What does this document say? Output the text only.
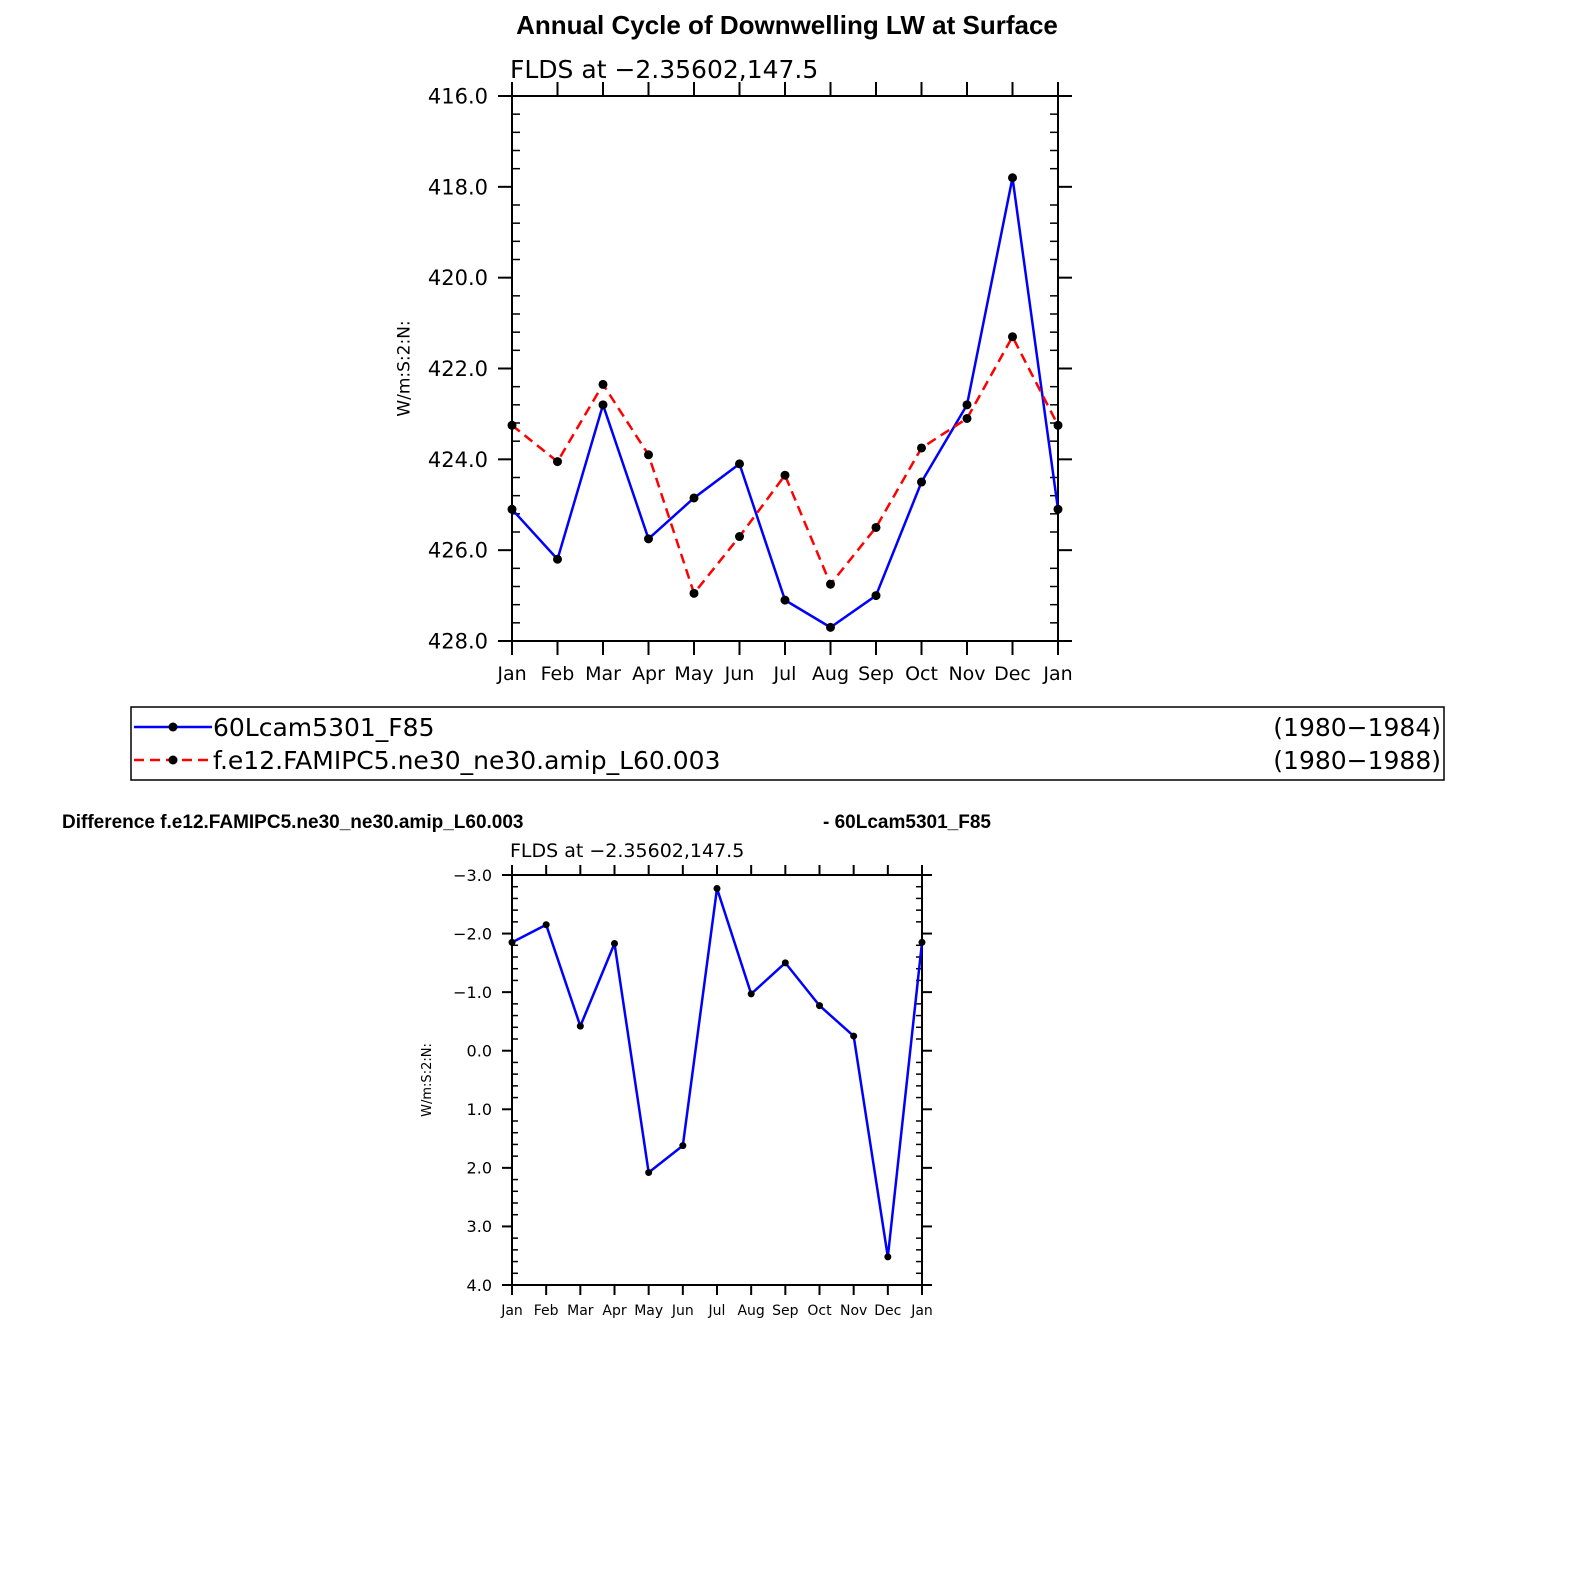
Annual Cycle of Downwelling LW at Surface
FLDS at −2.35602,147.5
Jan Feb Mar Apr May Jun Jul Aug Sep Oct Nov Dec Jan
416.0
418.0
420.0
422.0
424.0
426.0
428.0
W/m:S:2:N:
60Lcam5301_F85	(1980−1984)
f.e12.FAMIPC5.ne30_ne30.amip_L60.003	(1980−1988)
Difference f.e12.FAMIPC5.ne30_ne30.amip_L60.003	- 60Lcam5301_F85
FLDS at −2.35602,147.5
Jan Feb Mar Apr May Jun Jul Aug Sep Oct Nov Dec Jan
−3.0
−2.0
−1.0
0.0
1.0
2.0
3.0
4.0
W/m:S:2:N:
